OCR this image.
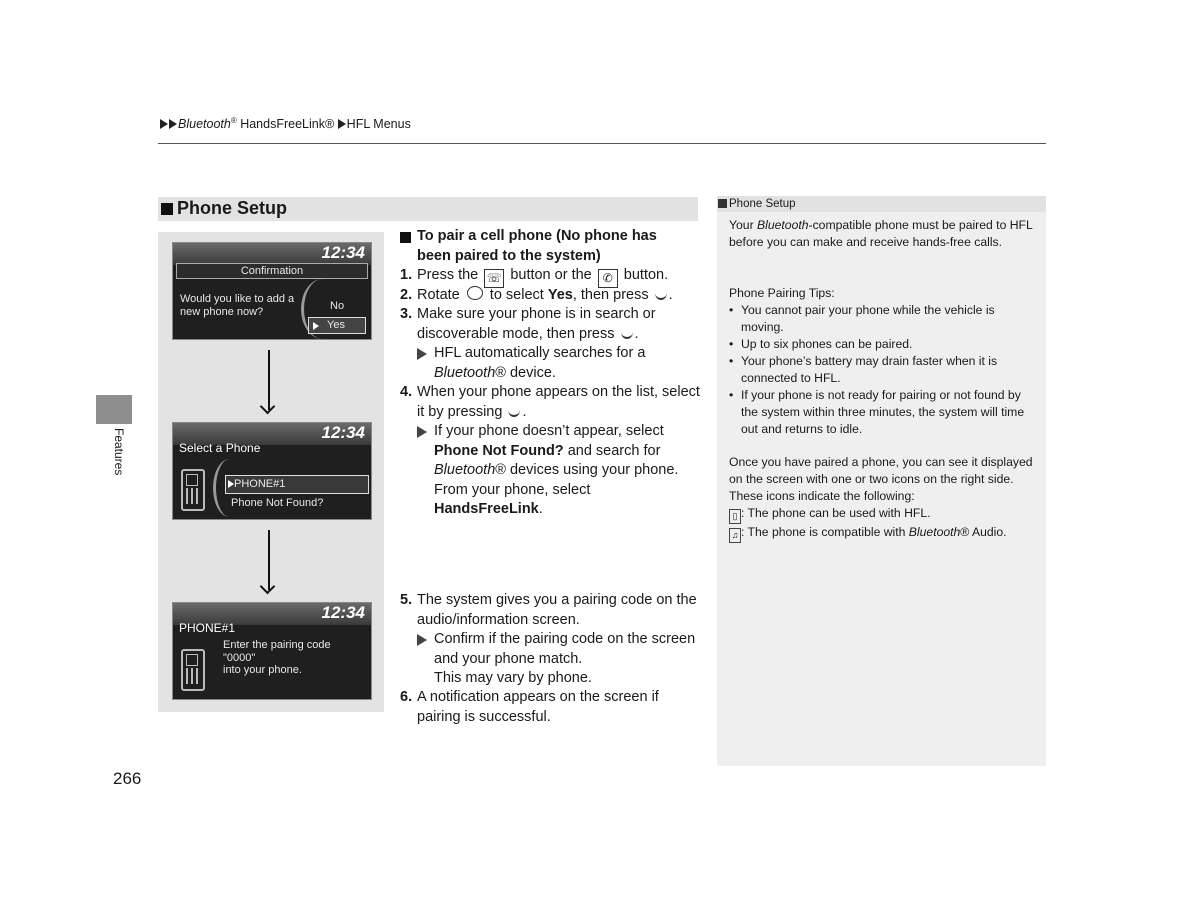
Bluetooth® HandsFreeLink® HFL Menus
Phone Setup
12:34
Confirmation
Would you like to add a new phone now?	No
Yes
12:34
Select a Phone
PHONE#1
Phone Not Found?
12:34
PHONE#1
Enter the pairing code
"0000"
into your phone.
To pair a cell phone (No phone has been paired to the system)
1. Press the ☏ button or the ✆ button.
2. Rotate to select Yes, then press .
3. Make sure your phone is in search or discoverable mode, then press .
HFL automatically searches for a Bluetooth® device.
4. When your phone appears on the list, select it by pressing .
If your phone doesn’t appear, select Phone Not Found? and search for Bluetooth® devices using your phone. From your phone, select HandsFreeLink.
5. The system gives you a pairing code on the audio/information screen.
Confirm if the pairing code on the screen and your phone match.
This may vary by phone.
6. A notification appears on the screen if pairing is successful.
Phone Setup
Your Bluetooth-compatible phone must be paired to HFL before you can make and receive hands-free calls.
Phone Pairing Tips:
• You cannot pair your phone while the vehicle is moving.
• Up to six phones can be paired.
• Your phone’s battery may drain faster when it is connected to HFL.
• If your phone is not ready for pairing or not found by the system within three minutes, the system will time out and returns to idle.
Once you have paired a phone, you can see it displayed on the screen with one or two icons on the right side.
These icons indicate the following:
▯ : The phone can be used with HFL.
♫ : The phone is compatible with Bluetooth® Audio.
Features
266
